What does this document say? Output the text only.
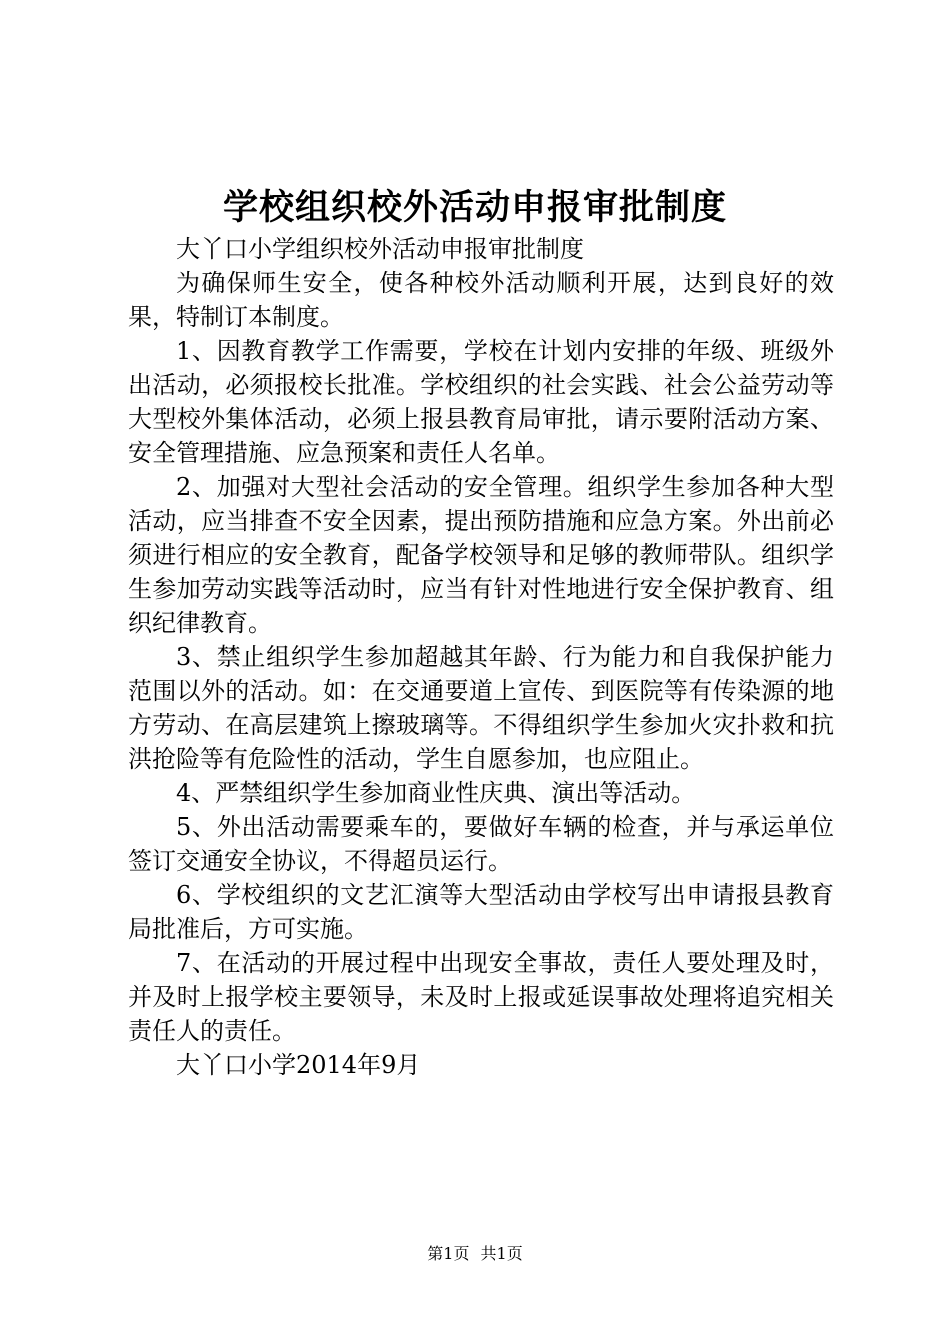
学校组织校外活动申报审批制度

大丫口小学组织校外活动申报审批制度

为确保师生安全，使各种校外活动顺利开展，达到良好的效果，特制订本制度。

1、因教育教学工作需要，学校在计划内安排的年级、班级外出活动，必须报校长批准。学校组织的社会实践、社会公益劳动等大型校外集体活动，必须上报县教育局审批，请示要附活动方案、安全管理措施、应急预案和责任人名单。

2、加强对大型社会活动的安全管理。组织学生参加各种大型活动，应当排查不安全因素，提出预防措施和应急方案。外出前必须进行相应的安全教育，配备学校领导和足够的教师带队。组织学生参加劳动实践等活动时，应当有针对性地进行安全保护教育、组织纪律教育。

3、禁止组织学生参加超越其年龄、行为能力和自我保护能力范围以外的活动。如：在交通要道上宣传、到医院等有传染源的地方劳动、在高层建筑上擦玻璃等。不得组织学生参加火灾扑救和抗洪抢险等有危险性的活动，学生自愿参加，也应阻止。

4、严禁组织学生参加商业性庆典、演出等活动。

5、外出活动需要乘车的，要做好车辆的检查，并与承运单位签订交通安全协议，不得超员运行。

6、学校组织的文艺汇演等大型活动由学校写出申请报县教育局批准后，方可实施。

7、在活动的开展过程中出现安全事故，责任人要处理及时，并及时上报学校主要领导，未及时上报或延误事故处理将追究相关责任人的责任。

大丫口小学2014年9月

第1页 共1页
